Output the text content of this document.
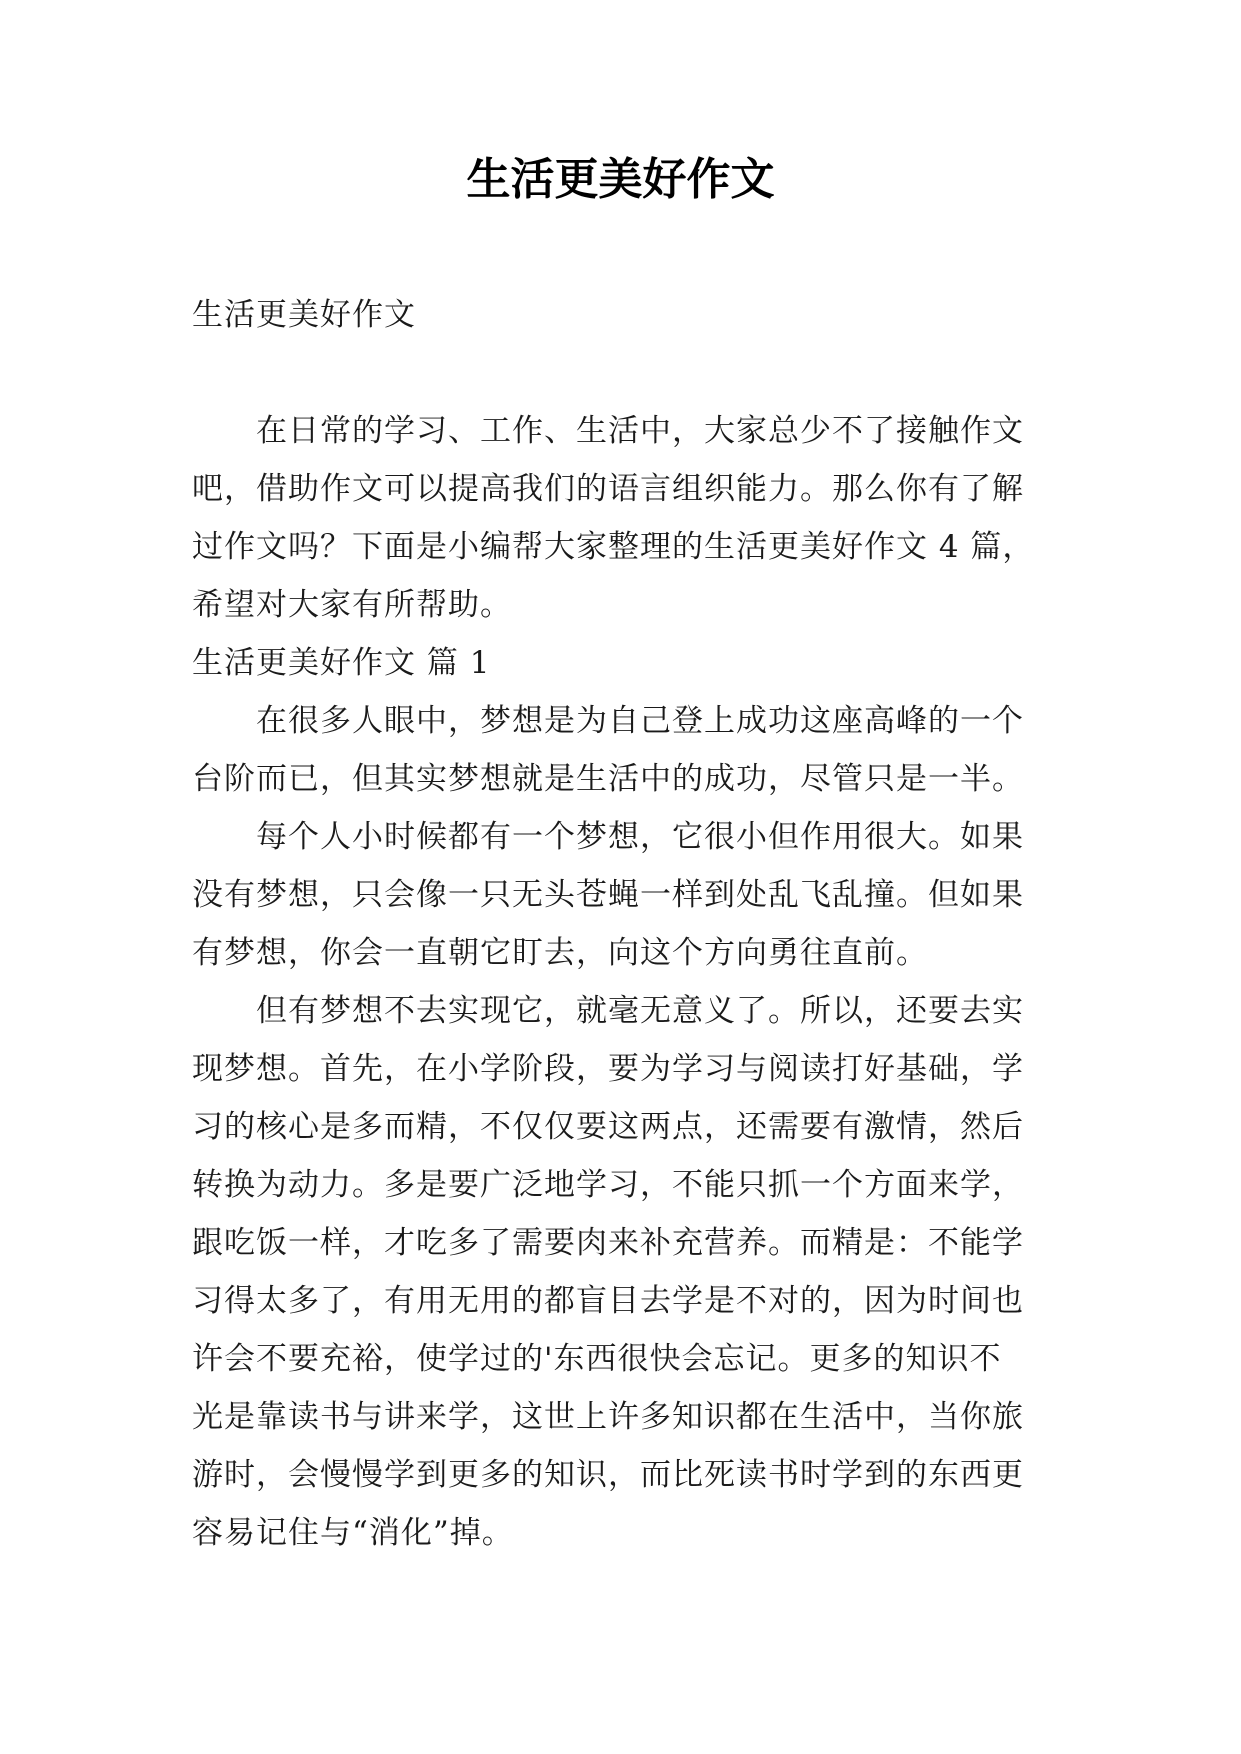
生活更美好作文
生活更美好作文
在日常的学习、工作、生活中，大家总少不了接触作文
吧，借助作文可以提高我们的语言组织能力。那么你有了解
过作文吗？下面是小编帮大家整理的生活更美好作文 4 篇，
希望对大家有所帮助。
生活更美好作文 篇 1
在很多人眼中，梦想是为自己登上成功这座高峰的一个
台阶而已，但其实梦想就是生活中的成功，尽管只是一半。
每个人小时候都有一个梦想，它很小但作用很大。如果
没有梦想，只会像一只无头苍蝇一样到处乱飞乱撞。但如果
有梦想，你会一直朝它盯去，向这个方向勇往直前。
但有梦想不去实现它，就毫无意义了。所以，还要去实
现梦想。首先，在小学阶段，要为学习与阅读打好基础，学
习的核心是多而精，不仅仅要这两点，还需要有激情，然后
转换为动力。多是要广泛地学习，不能只抓一个方面来学，
跟吃饭一样，才吃多了需要肉来补充营养。而精是：不能学
习得太多了，有用无用的都盲目去学是不对的，因为时间也
许会不要充裕，使学过的'东西很快会忘记。更多的知识不
光是靠读书与讲来学，这世上许多知识都在生活中，当你旅
游时，会慢慢学到更多的知识，而比死读书时学到的东西更
容易记住与“消化”掉。
